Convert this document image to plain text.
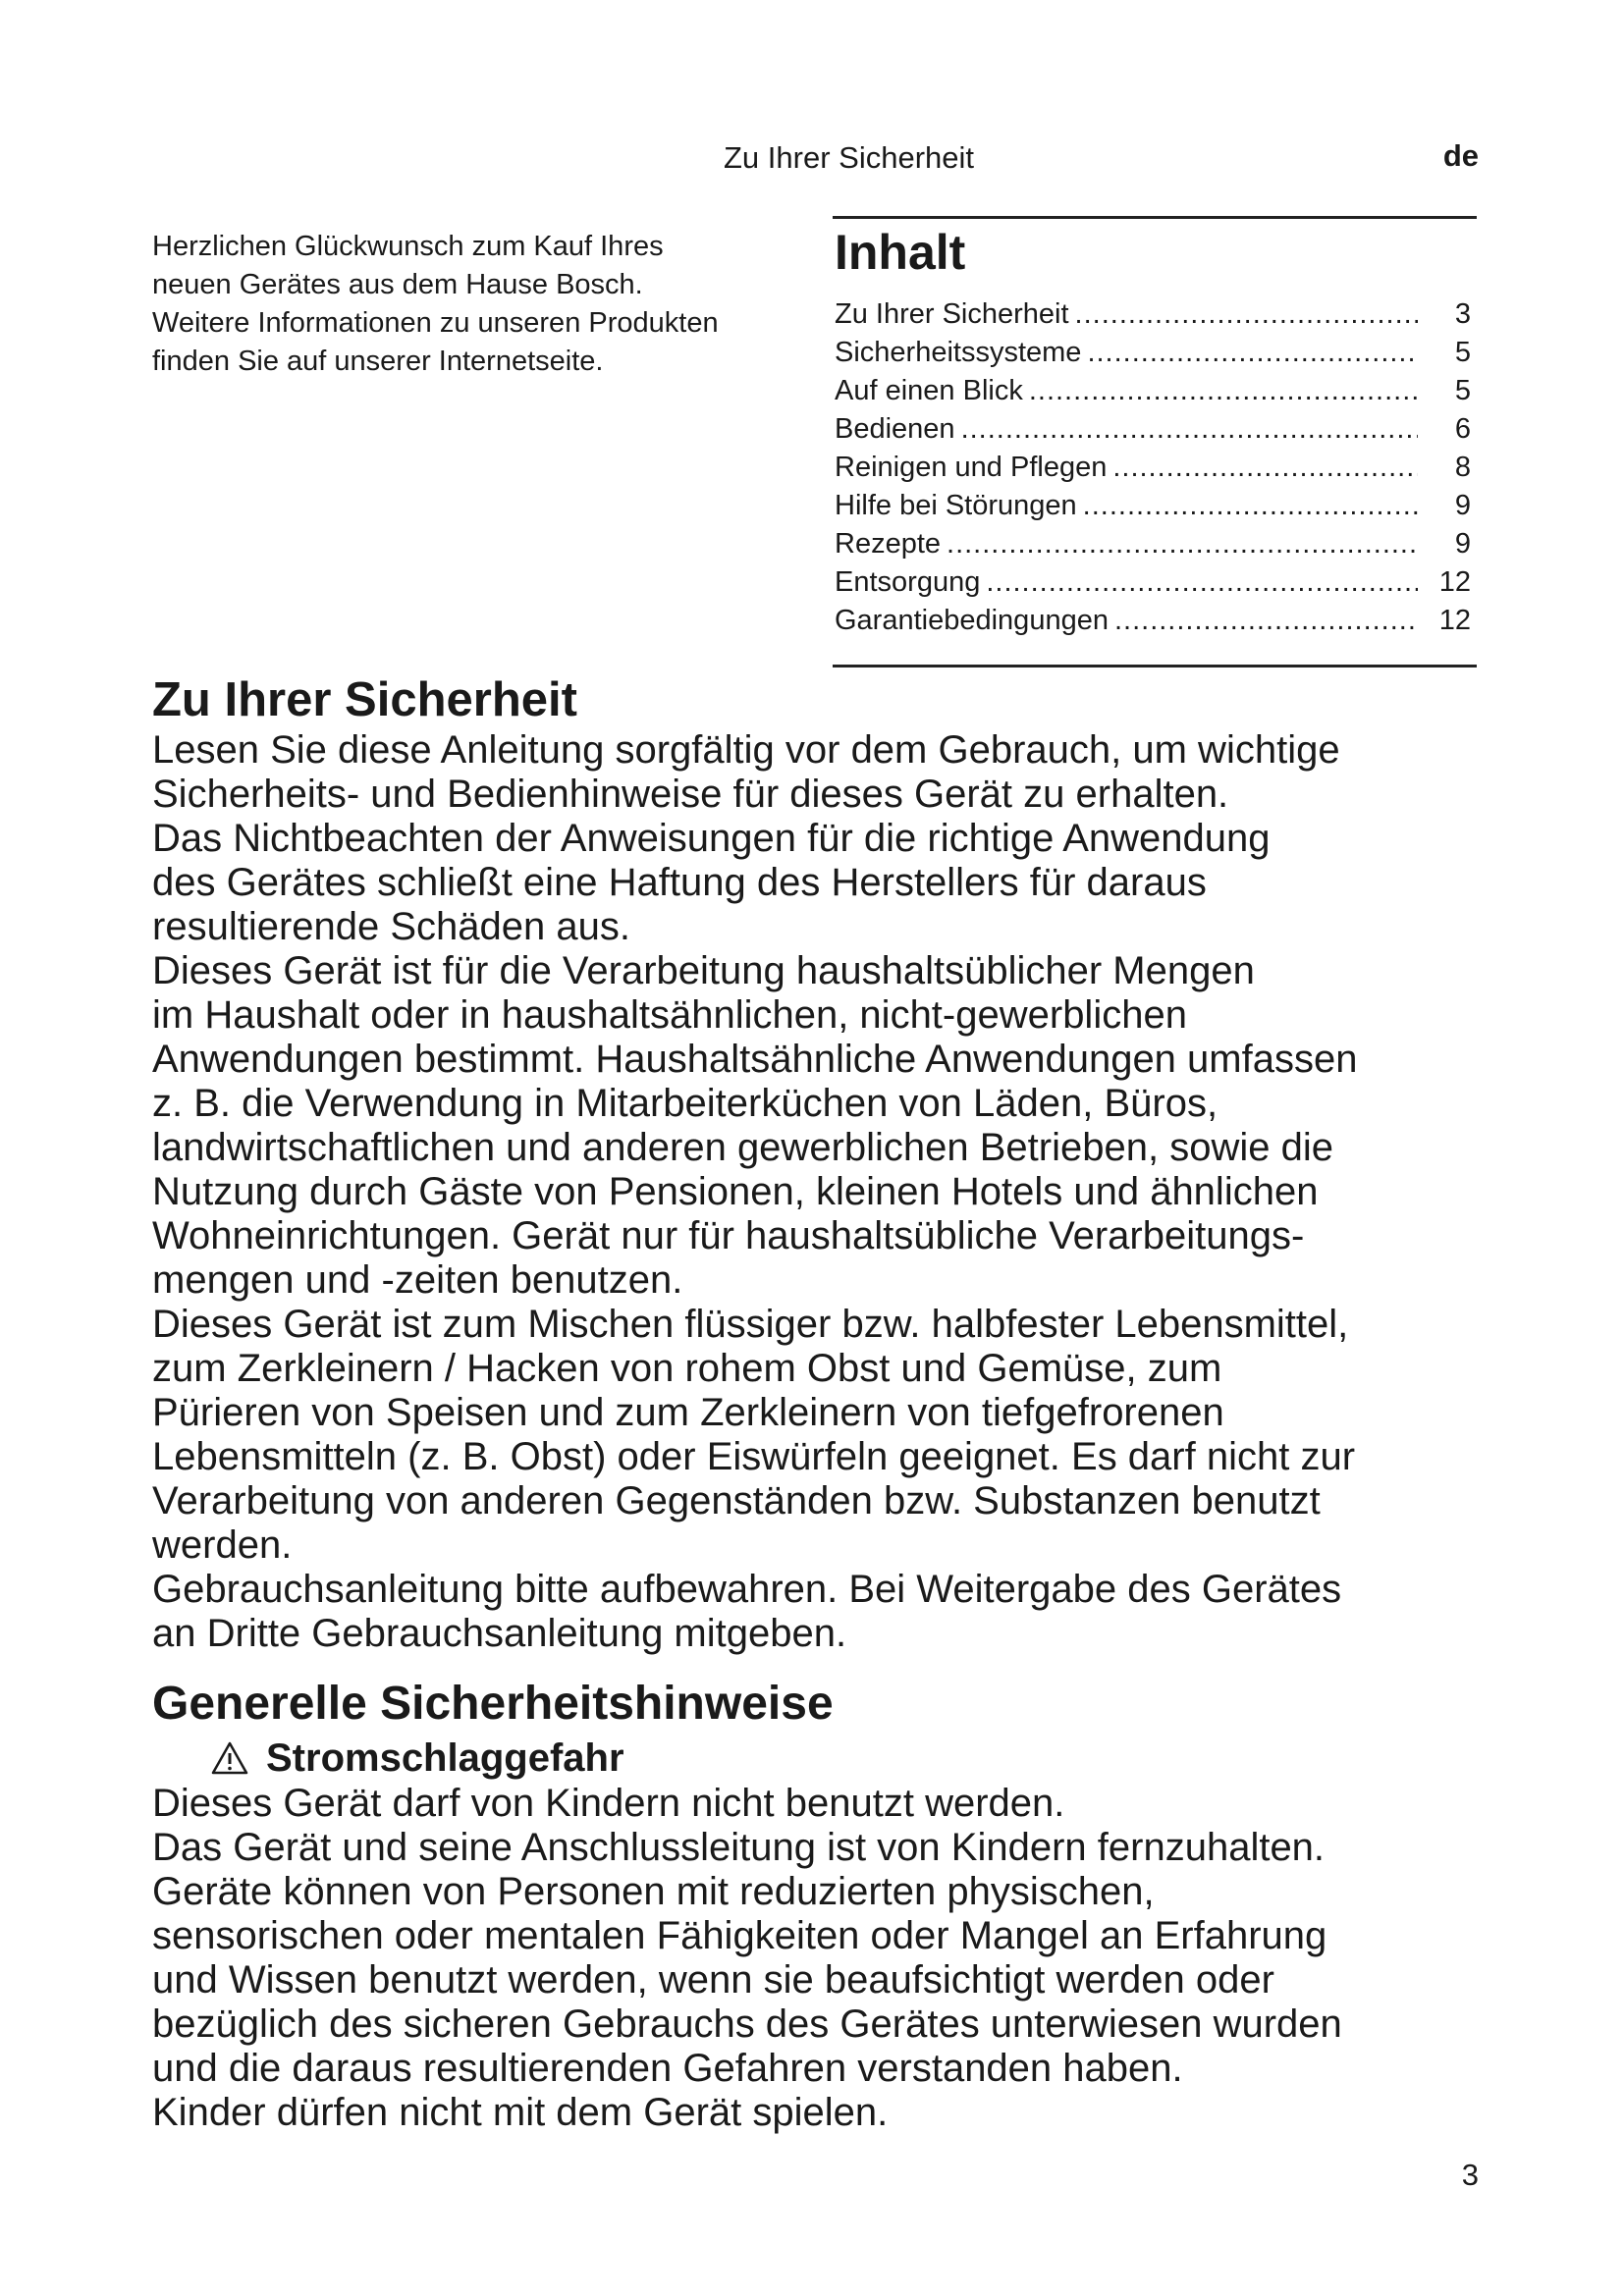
Zu Ihrer Sicherheit	de
Herzlichen Glückwunsch zum Kauf Ihres
neuen Gerätes aus dem Hause Bosch.
Weitere Informationen zu unseren Produkten
finden Sie auf unserer Internetseite.
Inhalt
Zu Ihrer Sicherheit .....	3
Sicherheitssysteme .....	5
Auf einen Blick .....	5
Bedienen .....	6
Reinigen und Pflegen .....	8
Hilfe bei Störungen .....	9
Rezepte .....	9
Entsorgung .....	12
Garantiebedingungen .....	12
Zu Ihrer Sicherheit
Lesen Sie diese Anleitung sorgfältig vor dem Gebrauch, um wichtige
Sicherheits- und Bedienhinweise für dieses Gerät zu erhalten.
Das Nichtbeachten der Anweisungen für die richtige Anwendung
des Gerätes schließt eine Haftung des Herstellers für daraus
resultierende Schäden aus.
Dieses Gerät ist für die Verarbeitung haushaltsüblicher Mengen
im Haushalt oder in haushaltsähnlichen, nicht-gewerblichen
Anwendungen bestimmt. Haushaltsähnliche Anwendungen umfassen
z. B. die Verwendung in Mitarbeiterküchen von Läden, Büros,
landwirtschaftlichen und anderen gewerblichen Betrieben, sowie die
Nutzung durch Gäste von Pensionen, kleinen Hotels und ähnlichen
Wohneinrichtungen. Gerät nur für haushaltsübliche Verarbeitungs-
mengen und -zeiten benutzen.
Dieses Gerät ist zum Mischen flüssiger bzw. halbfester Lebensmittel,
zum Zerkleinern / Hacken von rohem Obst und Gemüse, zum
Pürieren von Speisen und zum Zerkleinern von tiefgefrorenen
Lebensmitteln (z. B. Obst) oder Eiswürfeln geeignet. Es darf nicht zur
Verarbeitung von anderen Gegenständen bzw. Substanzen benutzt
werden.
Gebrauchsanleitung bitte aufbewahren. Bei Weitergabe des Gerätes
an Dritte Gebrauchsanleitung mitgeben.
Generelle Sicherheitshinweise
Stromschlaggefahr
Dieses Gerät darf von Kindern nicht benutzt werden.
Das Gerät und seine Anschlussleitung ist von Kindern fernzuhalten.
Geräte können von Personen mit reduzierten physischen,
sensorischen oder mentalen Fähigkeiten oder Mangel an Erfahrung
und Wissen benutzt werden, wenn sie beaufsichtigt werden oder
bezüglich des sicheren Gebrauchs des Gerätes unterwiesen wurden
und die daraus resultierenden Gefahren verstanden haben.
Kinder dürfen nicht mit dem Gerät spielen.
3
